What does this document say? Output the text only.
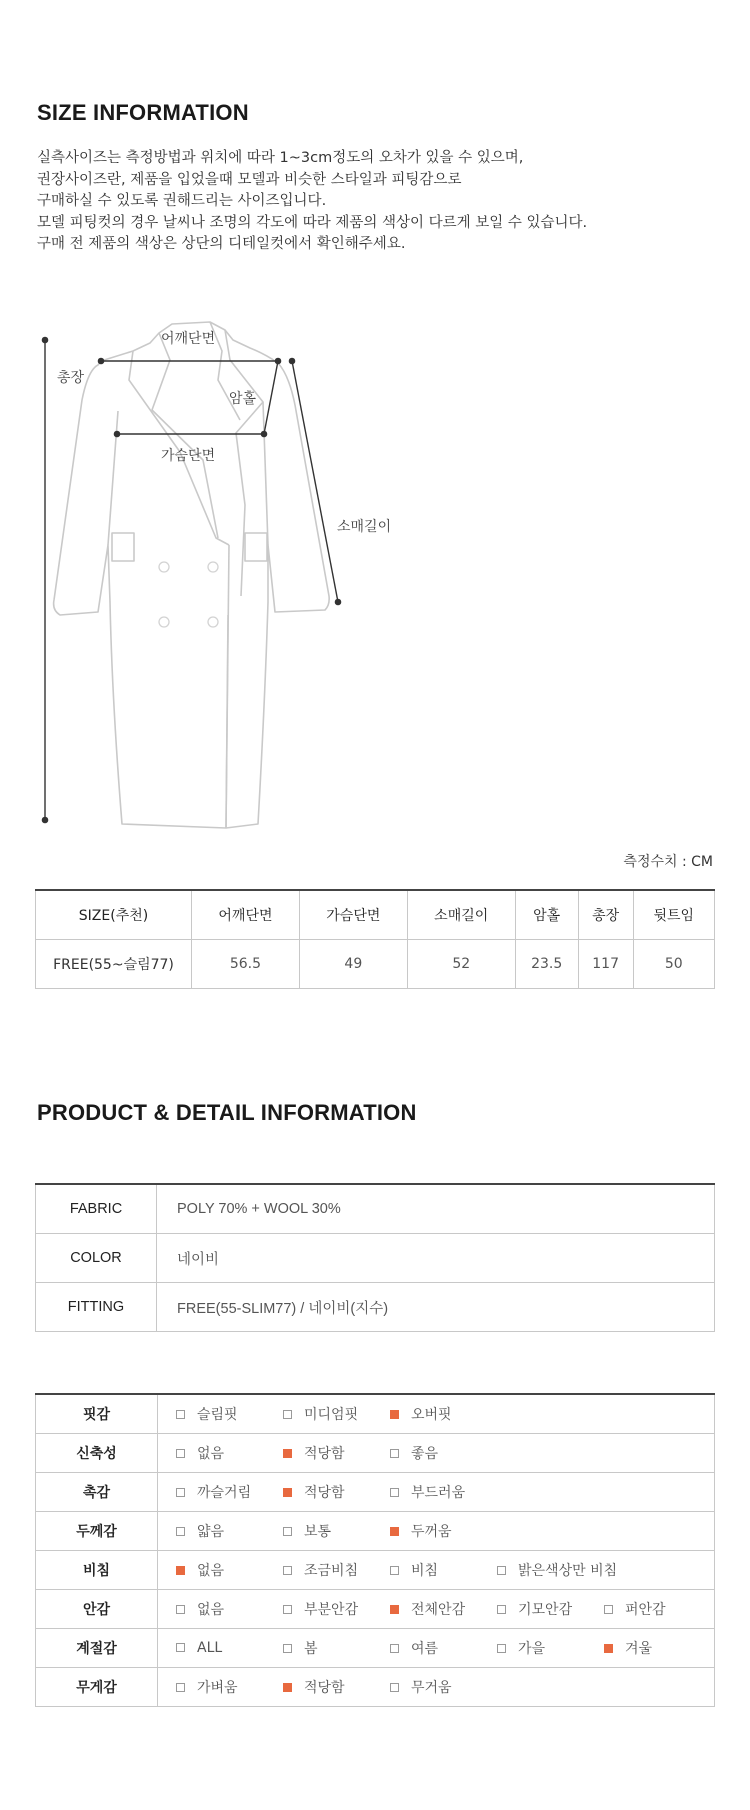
SIZE INFORMATION
실측사이즈는 측정방법과 위치에 따라 1~3cm정도의 오차가 있을 수 있으며,
권장사이즈란, 제품을 입었을때 모델과 비슷한 스타일과 피팅감으로
구매하실 수 있도록 권해드리는 사이즈입니다.
모델 피팅컷의 경우 날씨나 조명의 각도에 따라 제품의 색상이 다르게 보일 수 있습니다.
구매 전 제품의 색상은 상단의 디테일컷에서 확인해주세요.
어깨단면
총장
암홀
가슴단면
소매길이
측정수치 : CM
SIZE(추천)	어깨단면	가슴단면	소매길이	암홀	총장	뒷트임
FREE(55~슬림77)	56.5	49	52	23.5	117	50
PRODUCT & DETAIL INFORMATION
FABRIC	POLY 70% + WOOL 30%
COLOR	네이비
FITTING	FREE(55-SLIM77) / 네이비(지수)
핏감	슬림핏 미디엄핏 오버핏

신축성	없음 적당함 좋음

촉감	까슬거림 적당함 부드러움

두께감	얇음 보통 두꺼움

비침	없음 조금비침 비침 밝은색상만 비침

안감	없음 부분안감 전체안감 기모안감 퍼안감

계절감	ALL 봄 여름 가을 겨울

무게감	가벼움 적당함 무거움
